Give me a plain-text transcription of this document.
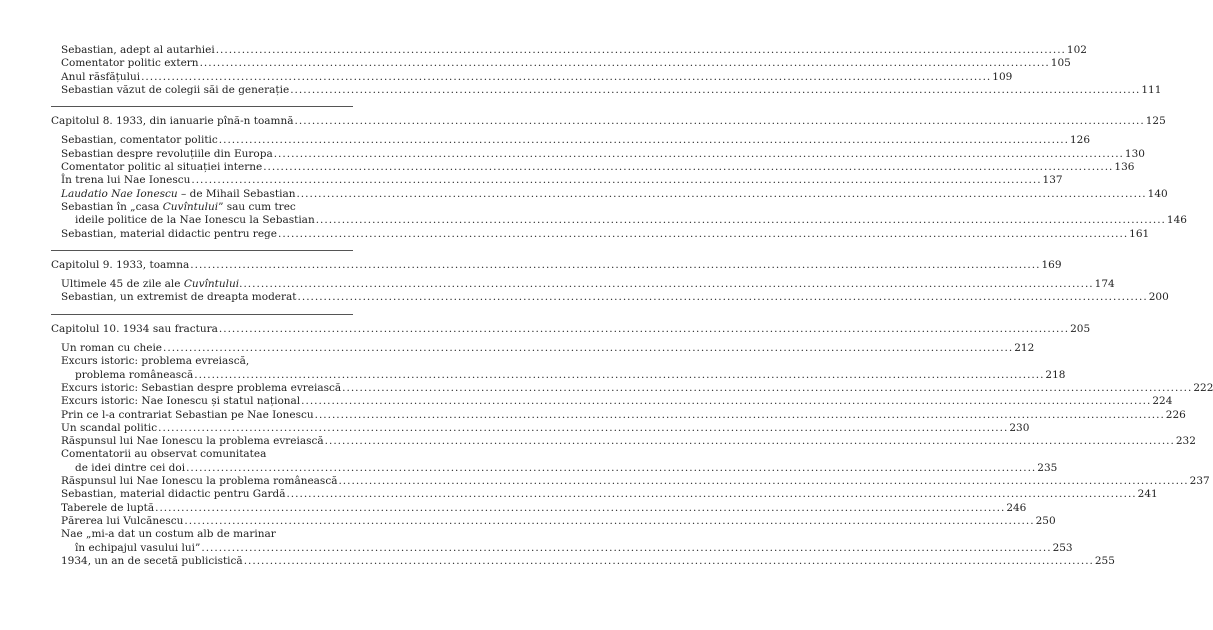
Sebastian, adept al autarhiei .....	102
Comentator politic extern .....	105
Anul răsfățului .....	109
Sebastian văzut de colegii săi de generație .....	111
Capitolul 8. 1933, din ianuarie pînă-n toamnă .....	125
Sebastian, comentator politic .....	126
Sebastian despre revoluțiile din Europa .....	130
Comentator politic al situației interne .....	136
În trena lui Nae Ionescu .....	137
Laudatio Nae Ionescu – de Mihail Sebastian .....	140
Sebastian în „casa Cuvîntului” sau cum trec
ideile politice de la Nae Ionescu la Sebastian .....	146
Sebastian, material didactic pentru rege .....	161
Capitolul 9. 1933, toamna .....	169
Ultimele 45 de zile ale Cuvîntului. .....	174
Sebastian, un extremist de dreapta moderat .....	200
Capitolul 10. 1934 sau fractura .....	205
Un roman cu cheie .....	212
Excurs istoric: problema evreiască,
problema românească .....	218
Excurs istoric: Sebastian despre problema evreiască .....	222
Excurs istoric: Nae Ionescu și statul național .....	224
Prin ce l-a contrariat Sebastian pe Nae Ionescu .....	226
Un scandal politic .....	230
Răspunsul lui Nae Ionescu la problema evreiască .....	232
Comentatorii au observat comunitatea
de idei dintre cei doi .....	235
Răspunsul lui Nae Ionescu la problema românească .....	237
Sebastian, material didactic pentru Gardă .....	241
Taberele de luptă .....	246
Părerea lui Vulcănescu .....	250
Nae „mi-a dat un costum alb de marinar
în echipajul vasului lui” .....	253
1934, un an de secetă publicistică .....	255
